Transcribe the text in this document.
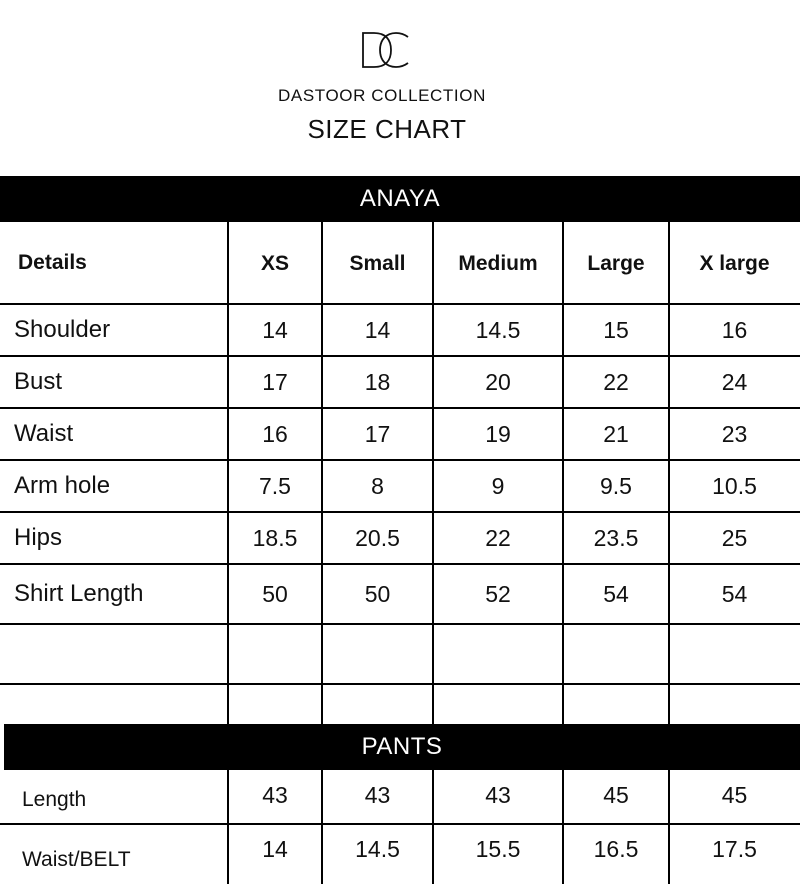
DASTOOR COLLECTION
SIZE CHART
ANAYA
PANTS
Details	XS	Small	Medium	Large	X large
Shoulder	14	14	14.5	15	16
Bust	17	18	20	22	24
Waist	16	17	19	21	23
Arm hole	7.5	8	9	9.5	10.5
Hips	18.5	20.5	22	23.5	25
Shirt Length	50	50	52	54	54
Length	43	43	43	45	45
Waist/BELT	14	14.5	15.5	16.5	17.5
